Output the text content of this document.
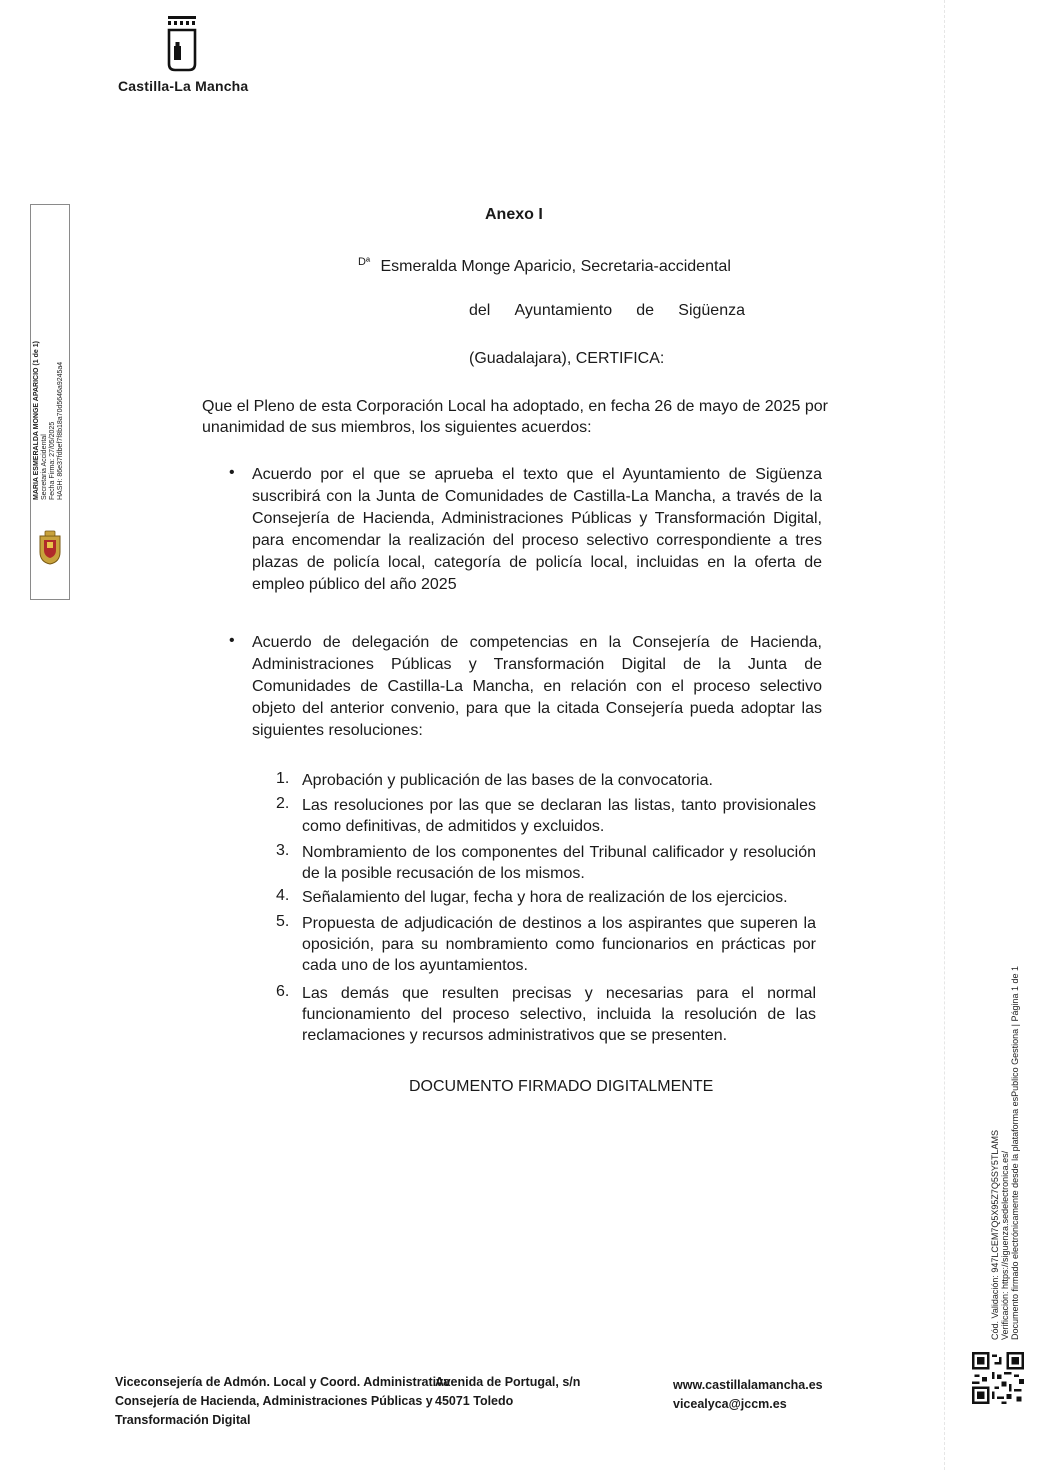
Castilla-La Mancha
MARIA ESMERALDA MONGE APARICIO (1 de 1) Secretaria Accidental Fecha Firma: 27/05/2025 HASH: 86e37fdbef7f8b18a70d5646a9245a4
Anexo I
$^{Dª}$ Esmeralda Monge Aparicio, Secretaria-accidental
del Ayuntamiento de Sigüenza
(Guadalajara), CERTIFICA:
Que el Pleno de esta Corporación Local ha adoptado, en fecha 26 de mayo de 2025 por unanimidad de sus miembros, los siguientes acuerdos:
• Acuerdo por el que se aprueba el texto que el Ayuntamiento de Sigüenza suscribirá con la Junta de Comunidades de Castilla-La Mancha, a través de la Consejería de Hacienda, Administraciones Públicas y Transformación Digital, para encomendar la realización del proceso selectivo correspondiente a tres plazas de policía local, categoría de policía local, incluidas en la oferta de empleo público del año 2025
• Acuerdo de delegación de competencias en la Consejería de Hacienda, Administraciones Públicas y Transformación Digital de la Junta de Comunidades de Castilla-La Mancha, en relación con el proceso selectivo objeto del anterior convenio, para que la citada Consejería pueda adoptar las siguientes resoluciones:
1. Aprobación y publicación de las bases de la convocatoria.
2. Las resoluciones por las que se declaran las listas, tanto provisionales como definitivas, de admitidos y excluidos.
3. Nombramiento de los componentes del Tribunal calificador y resolución de la posible recusación de los mismos.
4. Señalamiento del lugar, fecha y hora de realización de los ejercicios.
5. Propuesta de adjudicación de destinos a los aspirantes que superen la oposición, para su nombramiento como funcionarios en prácticas por cada uno de los ayuntamientos.
6. Las demás que resulten precisas y necesarias para el normal funcionamiento del proceso selectivo, incluida la resolución de las reclamaciones y recursos administrativos que se presenten.
DOCUMENTO FIRMADO DIGITALMENTE
Viceconsejería de Admón. Local y Coord. Administrativa
Consejería de Hacienda, Administraciones Públicas y
Transformación Digital
Avenida de Portugal, s/n
45071 Toledo
www.castillalamancha.es
vicealyca@jccm.es
Cód. Validación: 947LCEM7Q5X95Z7Q5SY5TLAMS Verificación: https://siguenza.sedelectronica.es/ Documento firmado electrónicamente desde la plataforma esPublico Gestiona | Página 1 de 1
